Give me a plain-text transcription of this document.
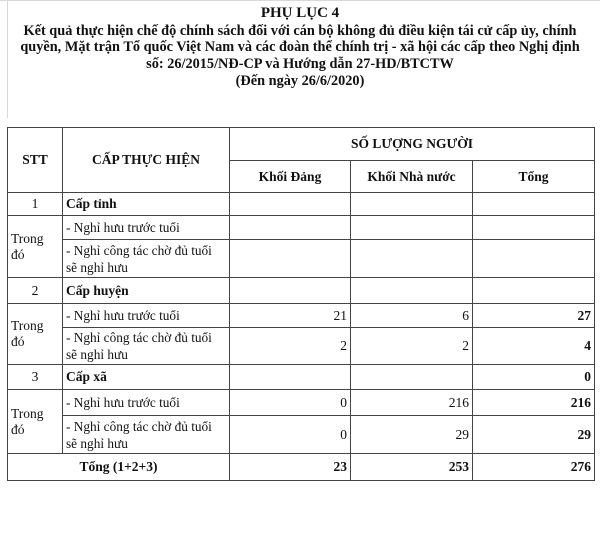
PHỤ LỤC 4
Kết quả thực hiện chế độ chính sách đối với cán bộ không đủ điều kiện tái cử cấp ủy, chính
quyền, Mặt trận Tổ quốc Việt Nam và các đoàn thể chính trị - xã hội các cấp theo Nghị định
số: 26/2015/NĐ-CP và Hướng dẫn 27-HD/BTCTW
(Đến ngày 26/6/2020)
STT	CẤP THỰC HIỆN	SỐ LƯỢNG NGƯỜI		
		Khối Đảng	Khối Nhà nước	Tổng
1	Cấp tỉnh			
Trong đó	- Nghỉ hưu trước tuổi			
	- Nghỉ công tác chờ đủ tuổi sẽ nghỉ hưu			
2	Cấp huyện			
Trong đó	- Nghỉ hưu trước tuổi	21	6	27
	- Nghỉ công tác chờ đủ tuổi sẽ nghỉ hưu	2	2	4
3	Cấp xã			0
Trong đó	- Nghỉ hưu trước tuổi	0	216	216
	- Nghỉ công tác chờ đủ tuổi sẽ nghỉ hưu	0	29	29
Tổng (1+2+3)		23	253	276
